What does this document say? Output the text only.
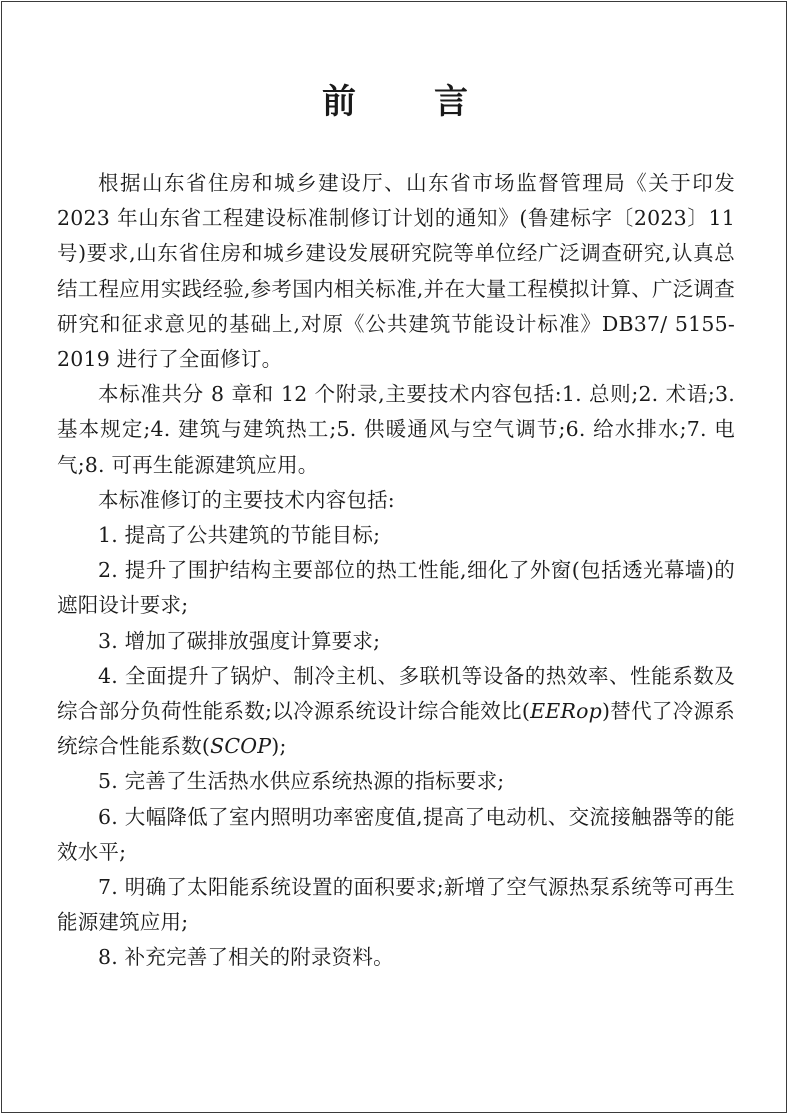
前 言

根据山东省住房和城乡建设厅、山东省市场监督管理局《关于印发 2023 年山东省工程建设标准制修订计划的通知》(鲁建标字〔2023〕11 号)要求,山东省住房和城乡建设发展研究院等单位经广泛调查研究,认真总结工程应用实践经验,参考国内相关标准,并在大量工程模拟计算、广泛调查研究和征求意见的基础上,对原《公共建筑节能设计标准》DB37/ 5155-2019 进行了全面修订。

本标准共分 8 章和 12 个附录,主要技术内容包括:1. 总则;2. 术语;3. 基本规定;4. 建筑与建筑热工;5. 供暖通风与空气调节;6. 给水排水;7. 电气;8. 可再生能源建筑应用。

本标准修订的主要技术内容包括:

1. 提高了公共建筑的节能目标;

2. 提升了围护结构主要部位的热工性能,细化了外窗(包括透光幕墙)的遮阳设计要求;

3. 增加了碳排放强度计算要求;

4. 全面提升了锅炉、制冷主机、多联机等设备的热效率、性能系数及综合部分负荷性能系数;以冷源系统设计综合能效比(EERop)替代了冷源系统综合性能系数(SCOP);

5. 完善了生活热水供应系统热源的指标要求;

6. 大幅降低了室内照明功率密度值,提高了电动机、交流接触器等的能效水平;

7. 明确了太阳能系统设置的面积要求;新增了空气源热泵系统等可再生能源建筑应用;

8. 补充完善了相关的附录资料。
